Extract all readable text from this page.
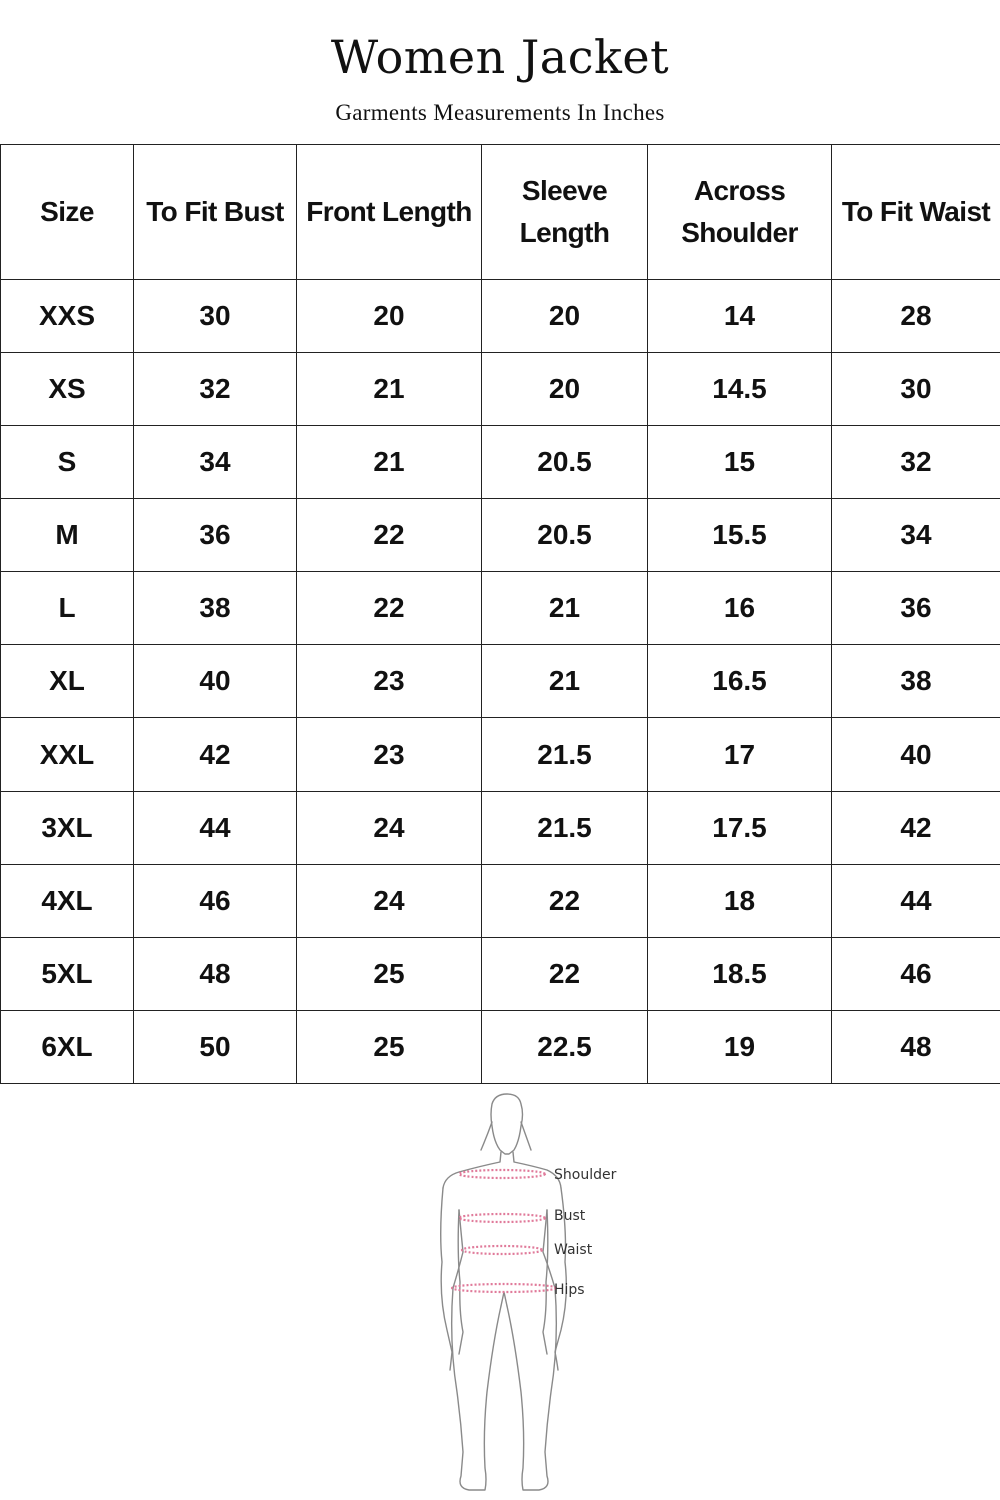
Women Jacket
Garments Measurements In Inches
Size	To Fit Bust	Front Length	Sleeve Length	Across Shoulder	To Fit Waist
XXS	30	20	20	14	28
XS	32	21	20	14.5	30
S	34	21	20.5	15	32
M	36	22	20.5	15.5	34
L	38	22	21	16	36
XL	40	23	21	16.5	38
XXL	42	23	21.5	17	40
3XL	44	24	21.5	17.5	42
4XL	46	24	22	18	44
5XL	48	25	22	18.5	46
6XL	50	25	22.5	19	48
Shoulder
Bust
Waist
Hips
